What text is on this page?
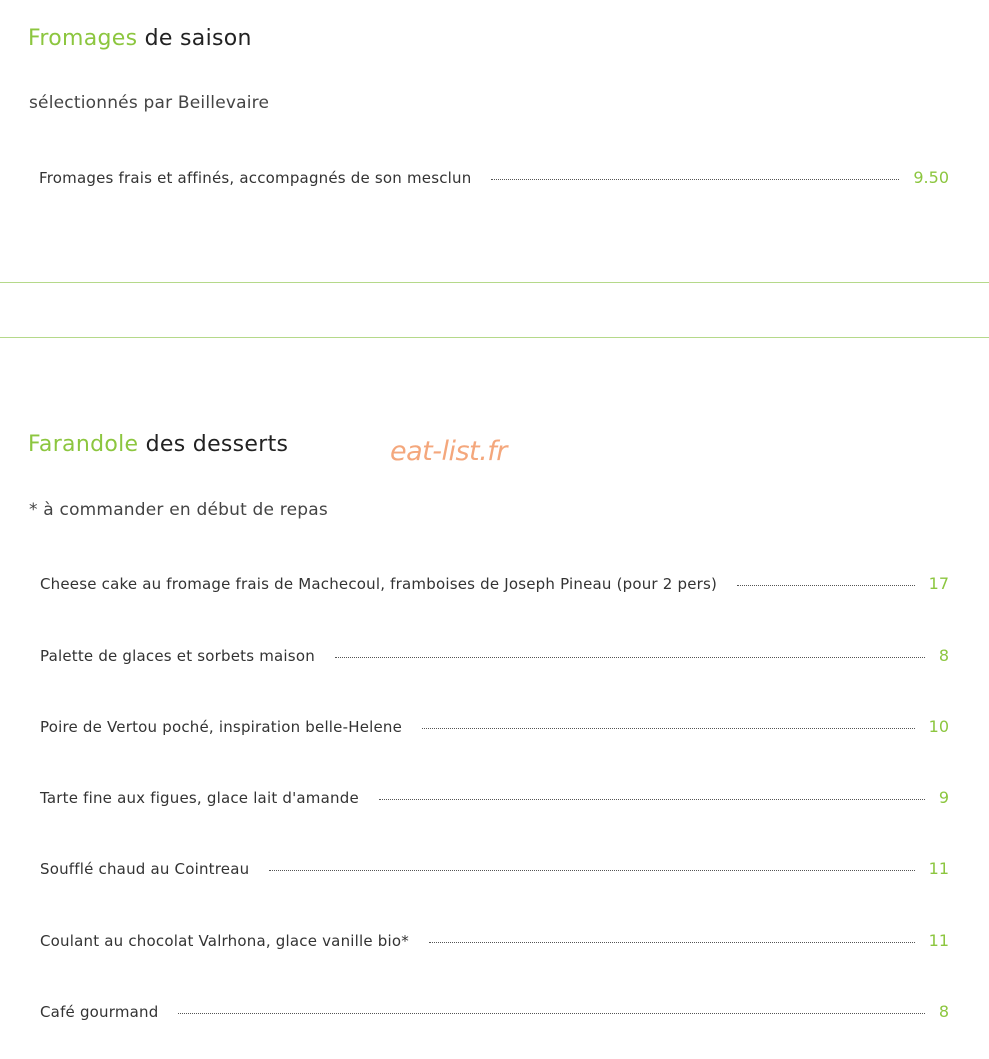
Fromages de saison

sélectionnés par Beillevaire

Fromages frais et affinés, accompagnés de son mesclun	9.50
Farandole des desserts	eat-list.fr

* à commander en début de repas

Cheese cake au fromage frais de Machecoul, framboises de Joseph Pineau (pour 2 pers)	17
Palette de glaces et sorbets maison	8
Poire de Vertou poché, inspiration belle-Helene	10
Tarte fine aux figues, glace lait d'amande	9
Soufflé chaud au Cointreau	11
Coulant au chocolat Valrhona, glace vanille bio*	11
Café gourmand	8
